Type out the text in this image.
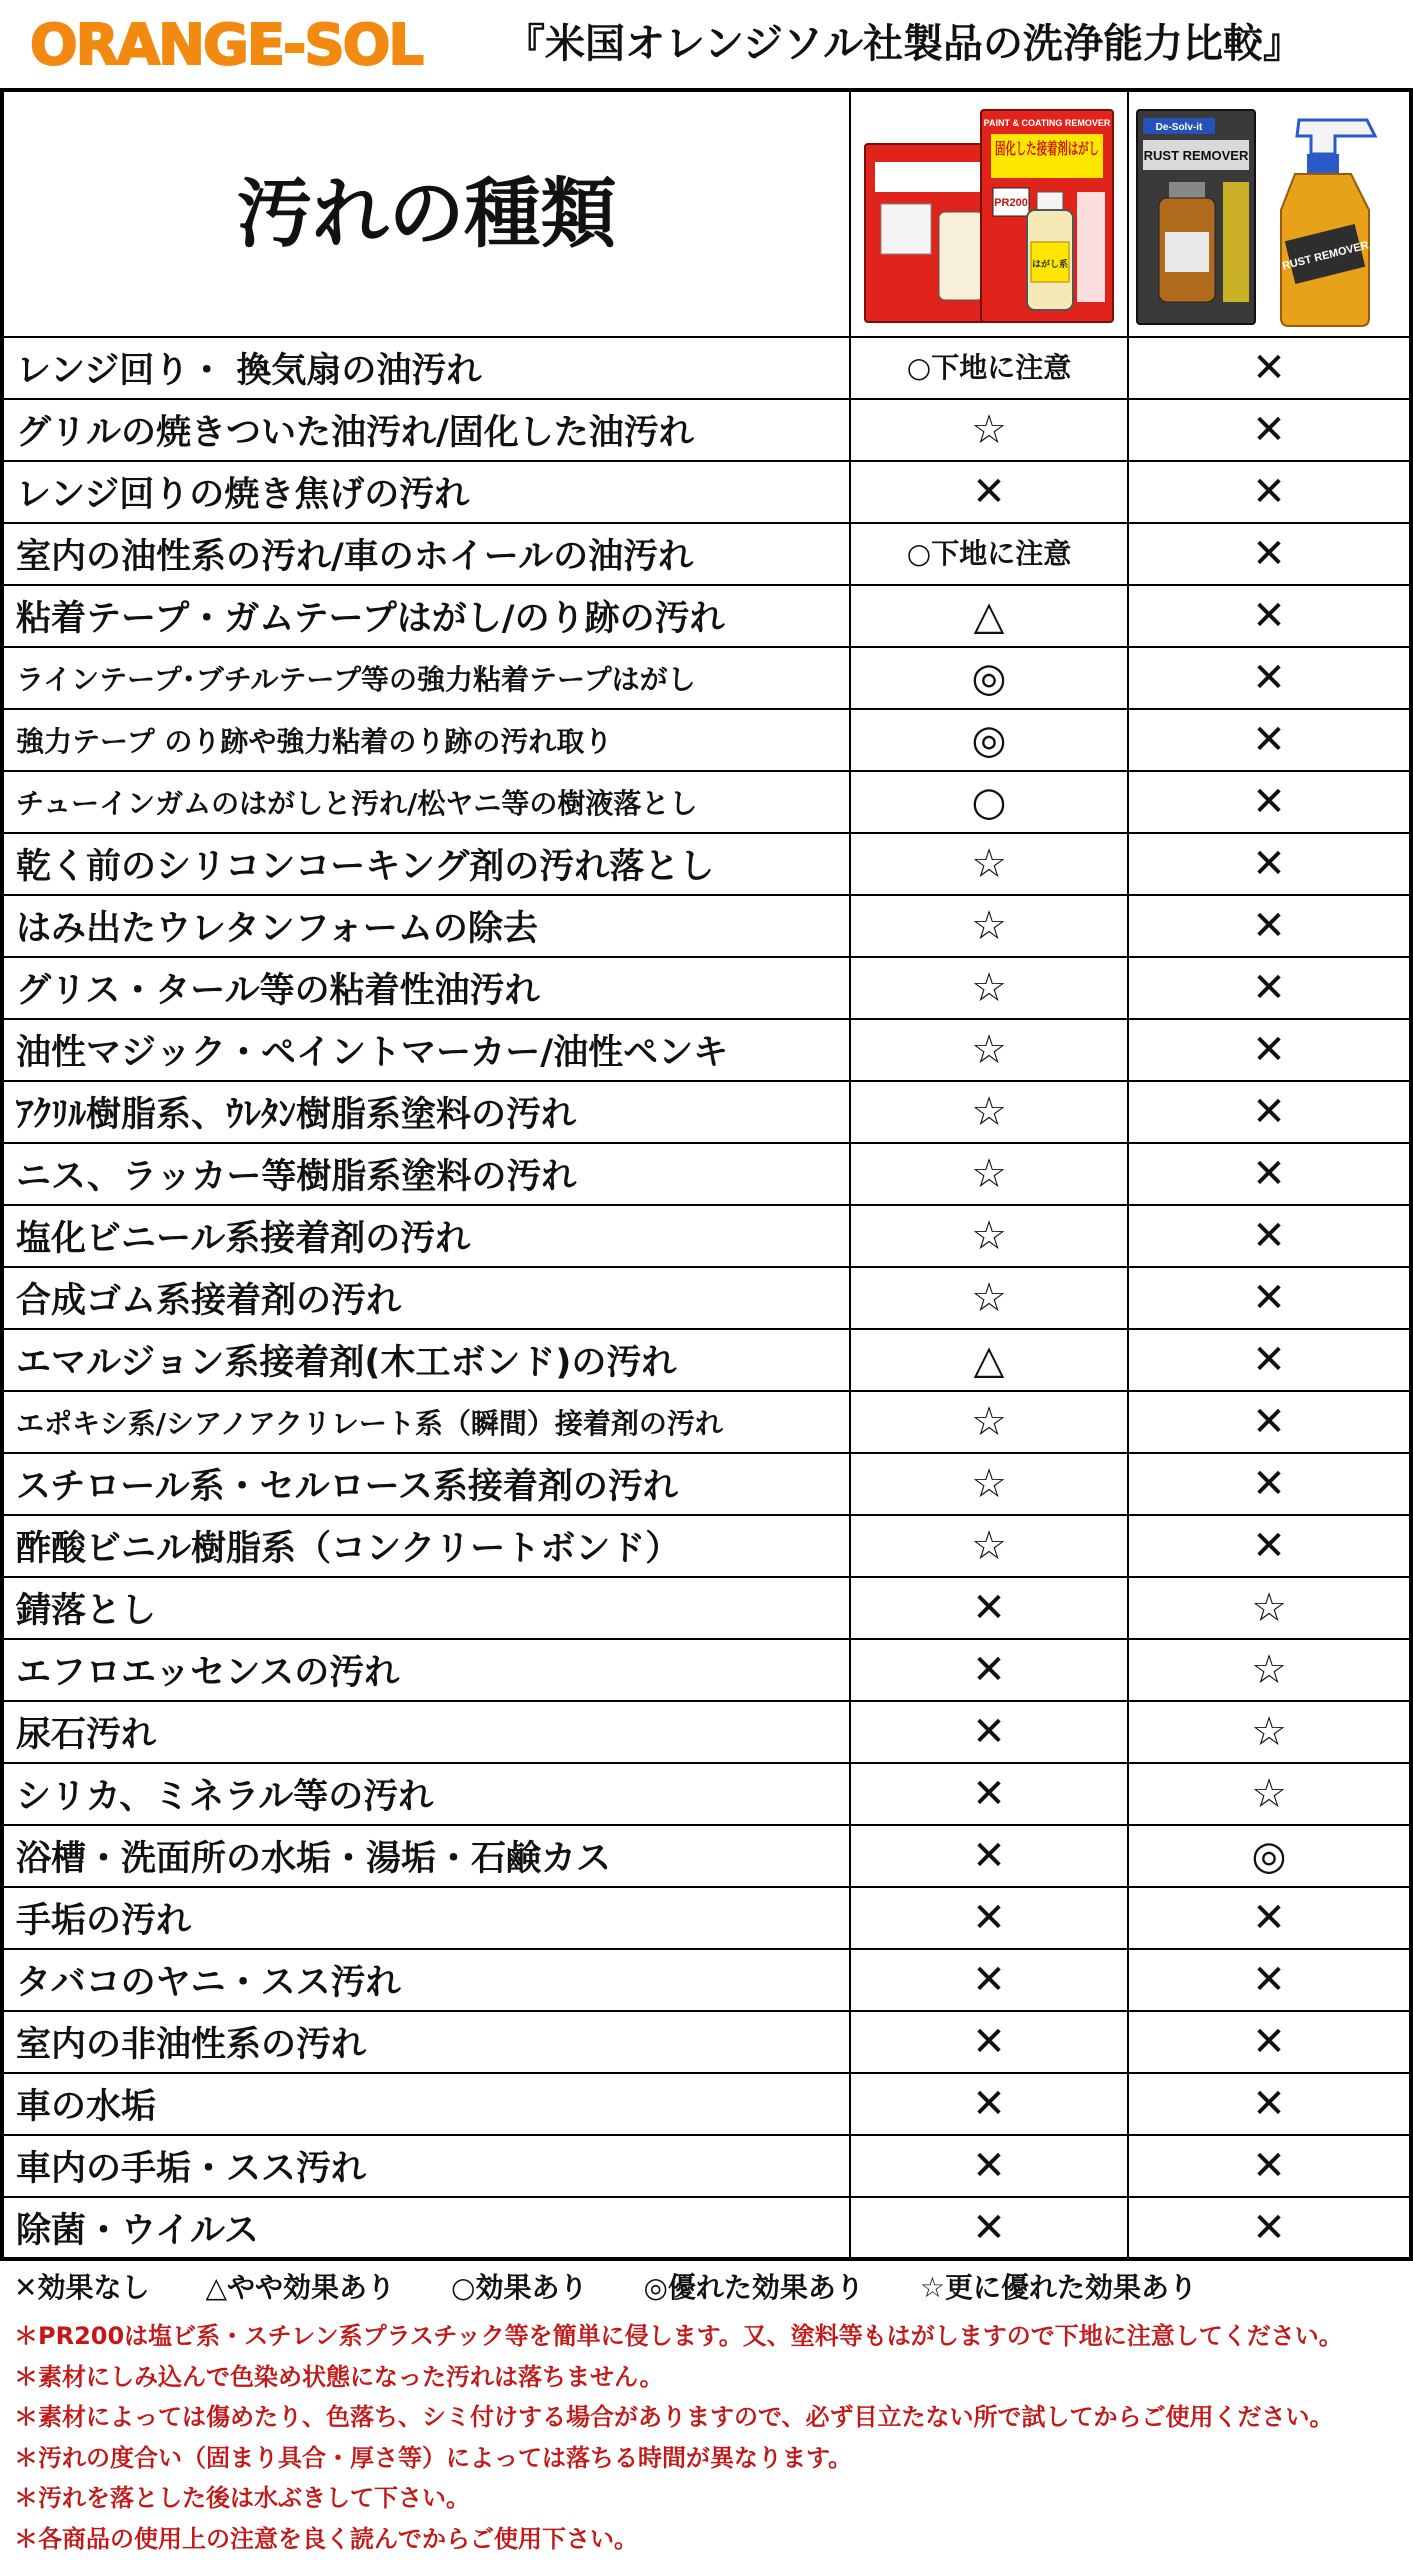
ORANGE-SOL 『米国オレンジソル社製品の洗浄能力比較』
汚れの種類	PAINT & COATING REMOVER
固化した接着剤はがし
PR200
はがし系	De-Solv-it
RUST REMOVER
RUST REMOVER

レンジ回り・ 換気扇の油汚れ	○下地に注意	✕
グリルの焼きついた油汚れ/固化した油汚れ	☆	✕
レンジ回りの焼き焦げの汚れ	✕	✕
室内の油性系の汚れ/車のホイールの油汚れ	○下地に注意	✕
粘着テープ・ガムテープはがし/のり跡の汚れ	△	✕
ラインテープ･ブチルテープ等の強力粘着テープはがし	◎	✕
強力テープ のり跡や強力粘着のり跡の汚れ取り	◎	✕
チューインガムのはがしと汚れ/松ヤニ等の樹液落とし	○	✕
乾く前のシリコンコーキング剤の汚れ落とし	☆	✕
はみ出たウレタンフォームの除去	☆	✕
グリス・タール等の粘着性油汚れ	☆	✕
油性マジック・ペイントマーカー/油性ペンキ	☆	✕
ｱｸﾘﾙ樹脂系、ｳﾚﾀﾝ樹脂系塗料の汚れ	☆	✕
ニス、ラッカー等樹脂系塗料の汚れ	☆	✕
塩化ビニール系接着剤の汚れ	☆	✕
合成ゴム系接着剤の汚れ	☆	✕
エマルジョン系接着剤(木工ボンド)の汚れ	△	✕
エポキシ系/シアノアクリレート系（瞬間）接着剤の汚れ	☆	✕
スチロール系・セルロース系接着剤の汚れ	☆	✕
酢酸ビニル樹脂系（コンクリートボンド）	☆	✕
錆落とし	✕	☆
エフロエッセンスの汚れ	✕	☆
尿石汚れ	✕	☆
シリカ、ミネラル等の汚れ	✕	☆
浴槽・洗面所の水垢・湯垢・石鹸カス	✕	◎
手垢の汚れ	✕	✕
タバコのヤニ・スス汚れ	✕	✕
室内の非油性系の汚れ	✕	✕
車の水垢	✕	✕
車内の手垢・スス汚れ	✕	✕
除菌・ウイルス	✕	✕
✕効果なし △やや効果あり ○効果あり ◎優れた効果あり ☆更に優れた効果あり
＊PR200は塩ビ系・スチレン系プラスチック等を簡単に侵します。又、塗料等もはがしますので下地に注意してください。
＊素材にしみ込んで色染め状態になった汚れは落ちません。
＊素材によっては傷めたり、色落ち、シミ付けする場合がありますので、必ず目立たない所で試してからご使用ください。
＊汚れの度合い（固まり具合・厚さ等）によっては落ちる時間が異なります。
＊汚れを落とした後は水ぶきして下さい。
＊各商品の使用上の注意を良く読んでからご使用下さい。
